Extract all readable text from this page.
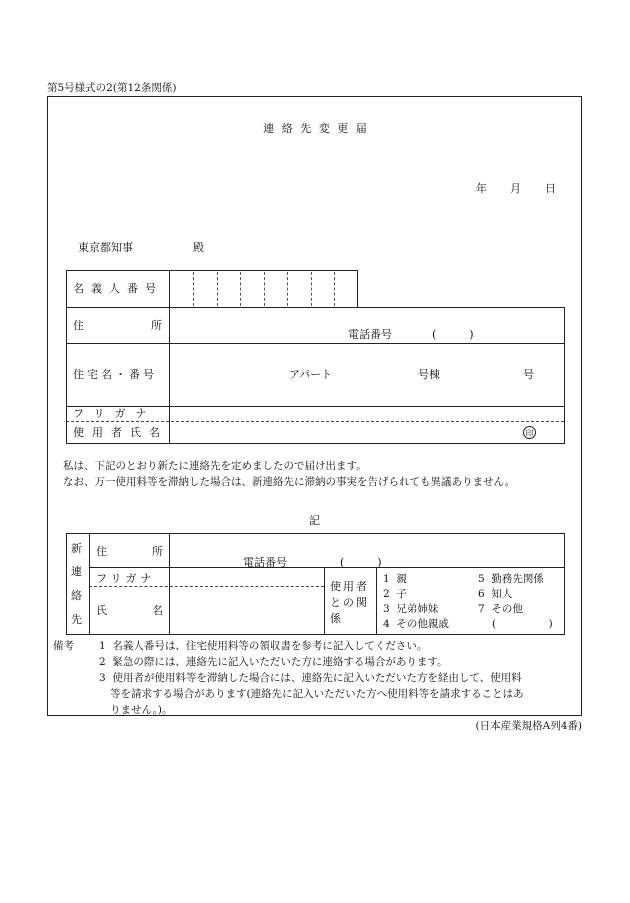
第5号様式の2(第12条関係)
連 絡 先 変 更 届
年 月 日
東京都知事	殿
名義人番号
住	所
電話番号	(　　　)
住宅名・番号	アパート	号棟	号
フリガナ
使用者氏名	印
私は、下記のとおり新たに連絡先を定めましたので届け出ます。
なお、万一使用料等を滞納した場合は、新連絡先に滞納の事実を告げられても異議ありません。
記
新
連
絡
先
住	所
電話番号	(　　　)
フリガナ
氏	名
使用者
との関
係
1 親	5 勤務先関係
2 子	6 知人
3 兄弟姉妹	7 その他
4 その他親戚	(　　　　　)
備考 1 名義人番号は、住宅使用料等の領収書を参考に記入してください。
2 緊急の際には、連絡先に記入いただいた方に連絡する場合があります。
3 使用者が使用料等を滞納した場合には、連絡先に記入いただいた方を経由して、使用料
等を請求する場合があります(連絡先に記入いただいた方へ使用料等を請求することはあ
りません。)。
(日本産業規格A列4番)
